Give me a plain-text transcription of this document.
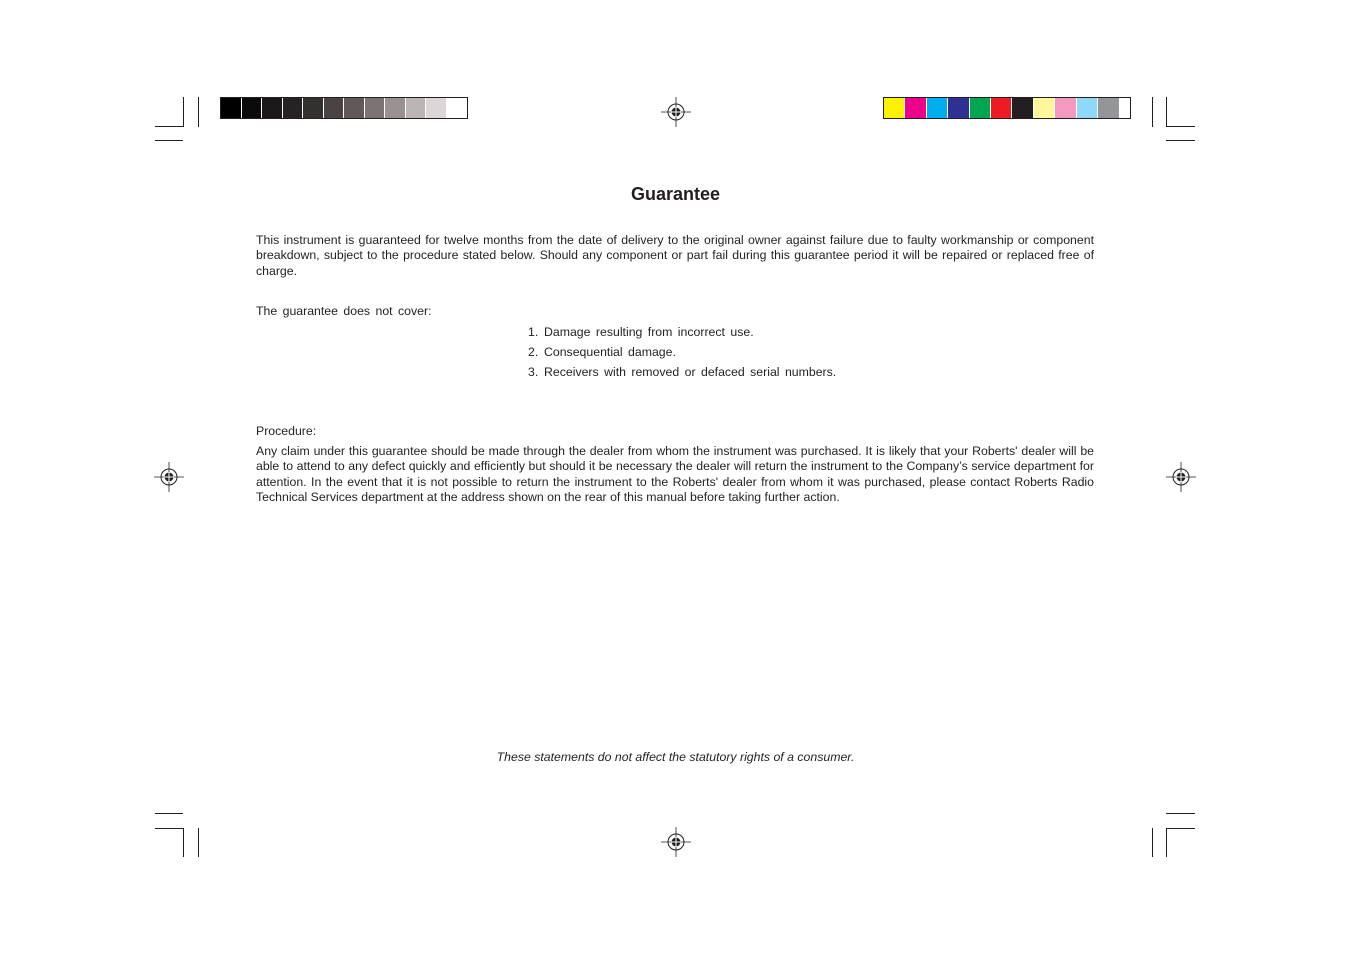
Guarantee
This instrument is guaranteed for twelve months from the date of delivery to the original owner against failure due to faulty workmanship or component breakdown, subject to the procedure stated below. Should any component or part fail during this guarantee period it will be repaired or replaced free of charge.
The guarantee does not cover:
1. Damage resulting from incorrect use.
2. Consequential damage.
3. Receivers with removed or defaced serial numbers.
Procedure:
Any claim under this guarantee should be made through the dealer from whom the instrument was purchased. It is likely that your Roberts' dealer will be able to attend to any defect quickly and efficiently but should it be necessary the dealer will return the instrument to the Company’s service department for attention. In the event that it is not possible to return the instrument to the Roberts' dealer from whom it was purchased, please contact Roberts Radio Technical Services department at the address shown on the rear of this manual before taking further action.
These statements do not affect the statutory rights of a consumer.
